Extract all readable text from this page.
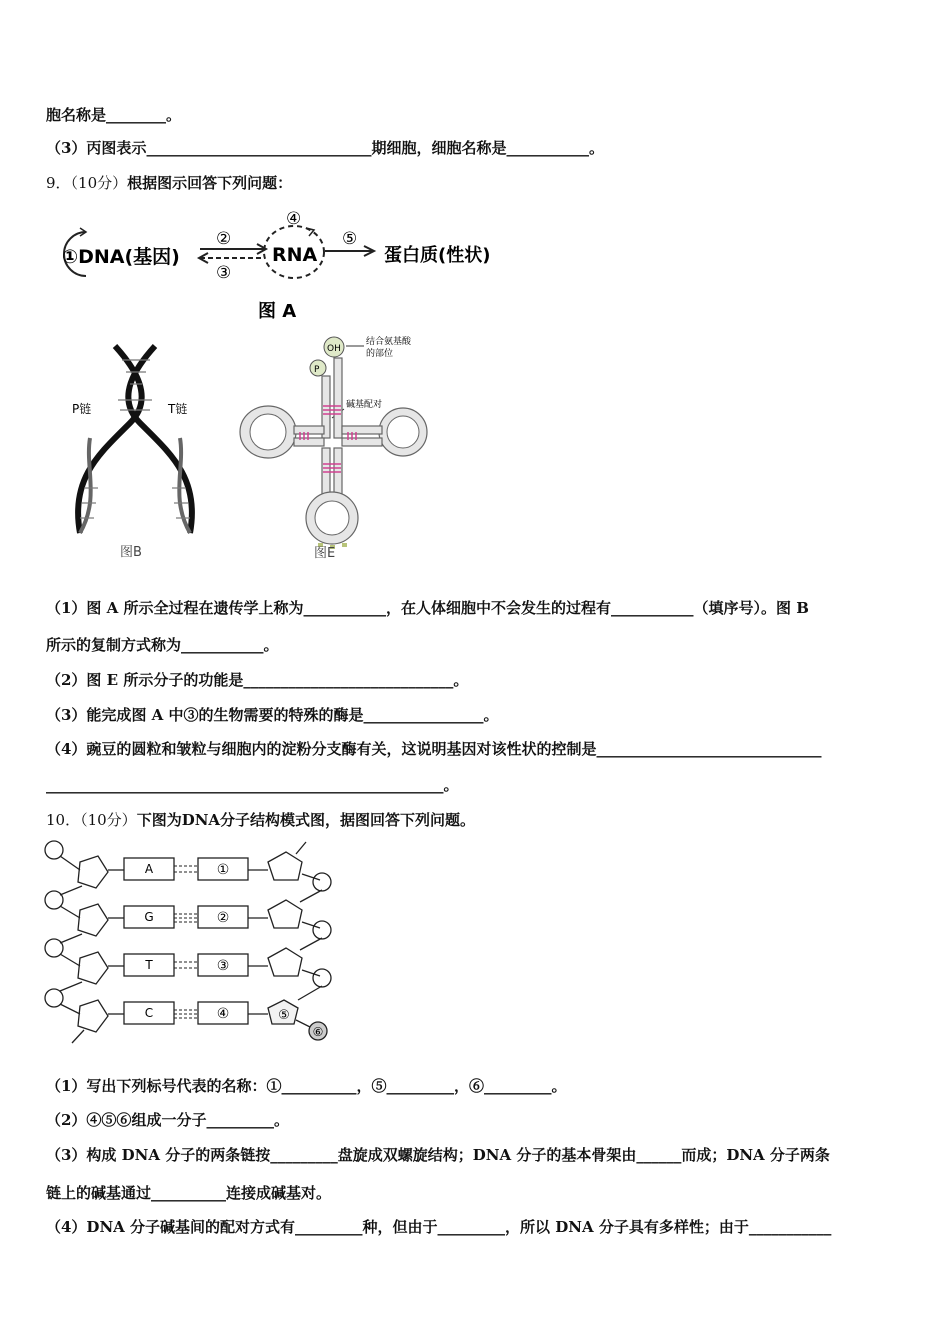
胞名称是________。
（3）丙图表示______________________________期细胞，细胞名称是___________。
9．（10分）根据图示回答下列问题：
①DNA(基因)
②
③
RNA
④
⑤
蛋白质(性状)
图 A
P链	T链
图B
OH
P
结合氨基酸
的部位
碱基配对
图E
（1）图 A 所示全过程在遗传学上称为___________，在人体细胞中不会发生的过程有___________（填序号）。图 B
所示的复制方式称为___________。
（2）图 E 所示分子的功能是____________________________。
（3）能完成图 A 中③的生物需要的特殊的酶是________________。
（4）豌豆的圆粒和皱粒与细胞内的淀粉分支酶有关，这说明基因对该性状的控制是______________________________
_____________________________________________________。
10．（10分）下图为DNA分子结构模式图，据图回答下列问题。
A
G
T
C
①
②
③
④	⑤
⑥
（1）写出下列标号代表的名称：①__________，⑤_________，⑥_________。
（2）④⑤⑥组成一分子_________。
（3）构成 DNA 分子的两条链按_________盘旋成双螺旋结构；DNA 分子的基本骨架由______而成；DNA 分子两条
链上的碱基通过__________连接成碱基对。
（4）DNA 分子碱基间的配对方式有_________种，但由于_________，所以 DNA 分子具有多样性；由于___________
